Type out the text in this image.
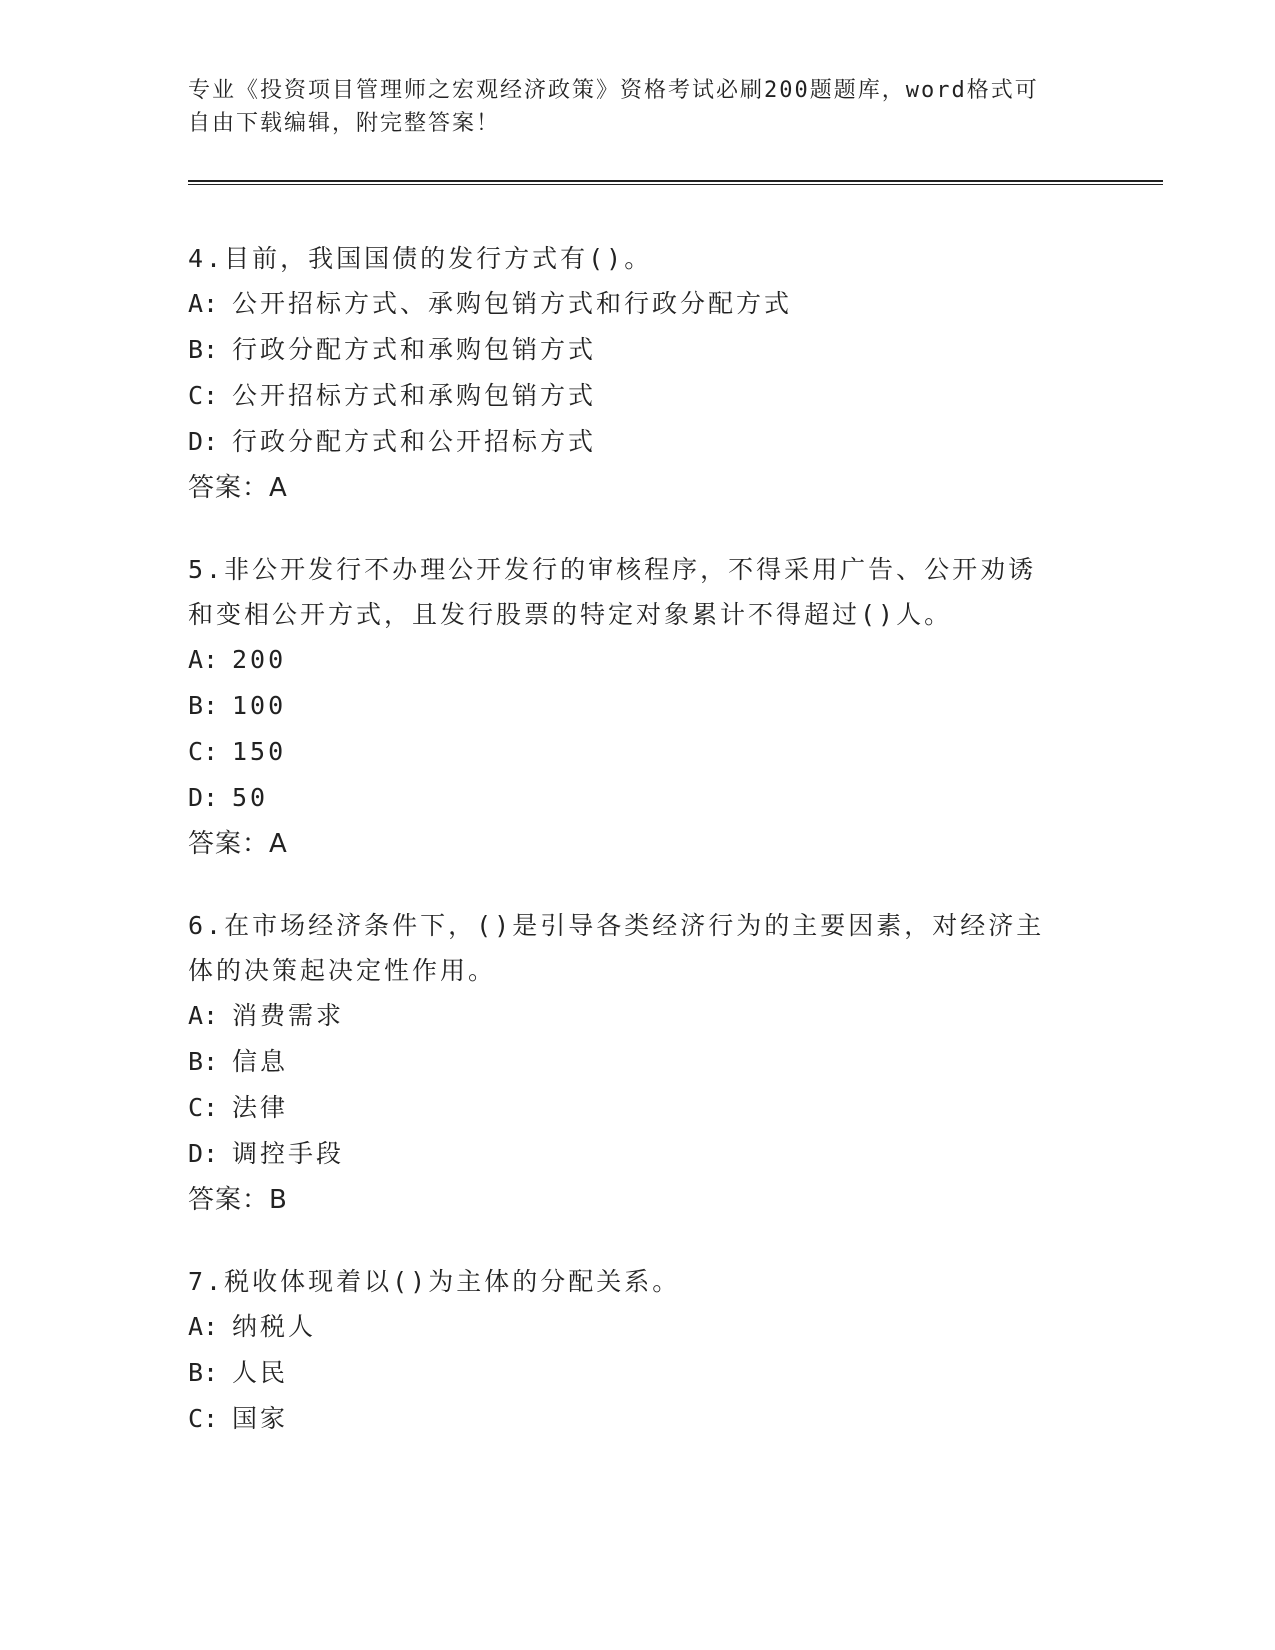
专业《投资项目管理师之宏观经济政策》资格考试必刷200题题库，word格式可
自由下载编辑，附完整答案！

4.目前，我国国债的发行方式有()。

A: 公开招标方式、承购包销方式和行政分配方式

B: 行政分配方式和承购包销方式

C: 公开招标方式和承购包销方式

D: 行政分配方式和公开招标方式

答案：A

5.非公开发行不办理公开发行的审核程序，不得采用广告、公开劝诱

和变相公开方式，且发行股票的特定对象累计不得超过()人。

A: 200

B: 100

C: 150

D: 50

答案：A

6.在市场经济条件下，()是引导各类经济行为的主要因素，对经济主

体的决策起决定性作用。

A: 消费需求

B: 信息

C: 法律

D: 调控手段

答案：B

7.税收体现着以()为主体的分配关系。

A: 纳税人

B: 人民

C: 国家
